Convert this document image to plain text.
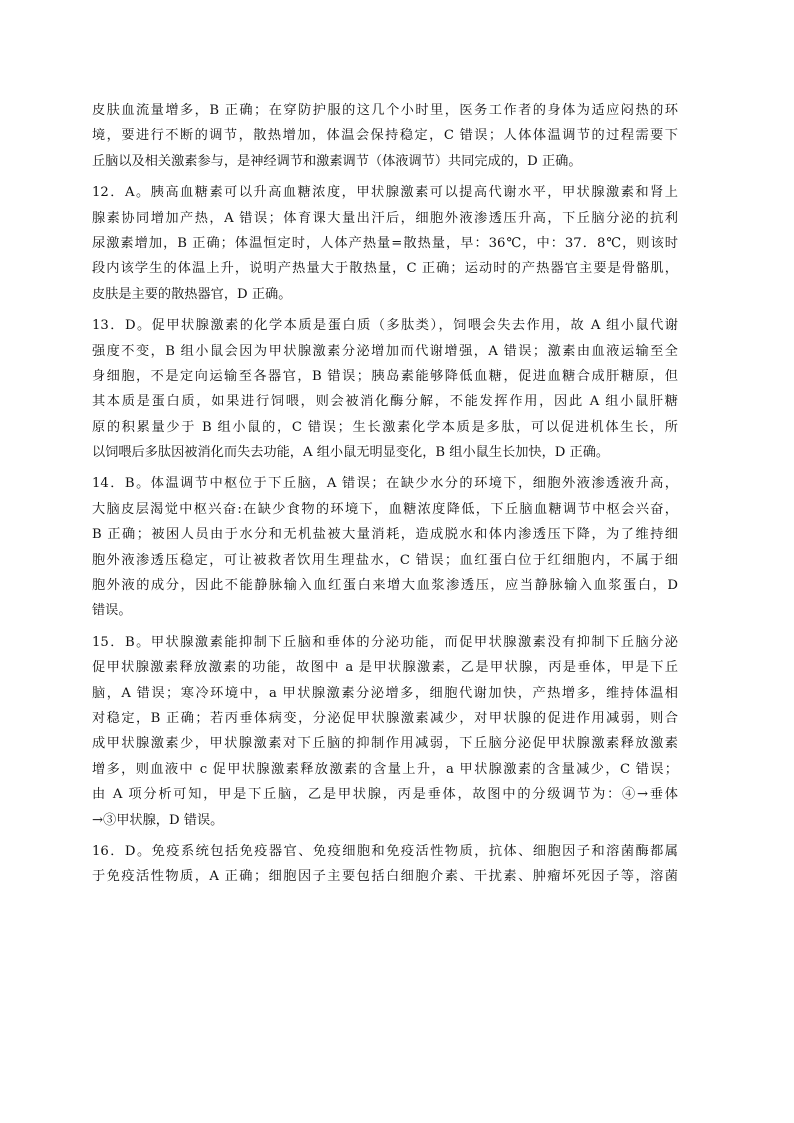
皮肤血流量增多，B 正确；在穿防护服的这几个小时里，医务工作者的身体为适应闷热的环
境，要进行不断的调节，散热增加，体温会保持稳定，C 错误；人体体温调节的过程需要下
丘脑以及相关激素参与，是神经调节和激素调节（体液调节）共同完成的，D 正确。

12．A。胰高血糖素可以升高血糖浓度，甲状腺激素可以提高代谢水平，甲状腺激素和肾上
腺素协同增加产热，A 错误；体育课大量出汗后，细胞外液渗透压升高，下丘脑分泌的抗利
尿激素增加，B 正确；体温恒定时，人体产热量=散热量，早：36℃，中：37．8℃，则该时
段内该学生的体温上升，说明产热量大于散热量，C 正确；运动时的产热器官主要是骨骼肌，
皮肤是主要的散热器官，D 正确。

13．D。促甲状腺激素的化学本质是蛋白质（多肽类），饲喂会失去作用，故 A 组小鼠代谢
强度不变，B 组小鼠会因为甲状腺激素分泌增加而代谢增强，A 错误；激素由血液运输至全
身细胞，不是定向运输至各器官，B 错误；胰岛素能够降低血糖，促进血糖合成肝糖原，但
其本质是蛋白质，如果进行饲喂，则会被消化酶分解，不能发挥作用，因此 A 组小鼠肝糖
原的积累量少于 B 组小鼠的，C 错误；生长激素化学本质是多肽，可以促进机体生长，所
以饲喂后多肽因被消化而失去功能，A 组小鼠无明显变化，B 组小鼠生长加快，D 正确。

14．B。体温调节中枢位于下丘脑，A 错误；在缺少水分的环境下，细胞外液渗透液升高，
大脑皮层渴觉中枢兴奋:在缺少食物的环境下，血糖浓度降低，下丘脑血糖调节中枢会兴奋，
B 正确；被困人员由于水分和无机盐被大量消耗，造成脱水和体内渗透压下降，为了维持细
胞外液渗透压稳定，可让被救者饮用生理盐水，C 错误；血红蛋白位于红细胞内，不属于细
胞外液的成分，因此不能静脉输入血红蛋白来增大血浆渗透压，应当静脉输入血浆蛋白，D
错误。

15．B。甲状腺激素能抑制下丘脑和垂体的分泌功能，而促甲状腺激素没有抑制下丘脑分泌
促甲状腺激素释放激素的功能，故图中 a 是甲状腺激素，乙是甲状腺，丙是垂体，甲是下丘
脑，A 错误；寒冷环境中，a 甲状腺激素分泌增多，细胞代谢加快，产热增多，维持体温相
对稳定，B 正确；若丙垂体病变，分泌促甲状腺激素减少，对甲状腺的促进作用减弱，则合
成甲状腺激素少，甲状腺激素对下丘脑的抑制作用减弱，下丘脑分泌促甲状腺激素释放激素
增多，则血液中 c 促甲状腺激素释放激素的含量上升，a 甲状腺激素的含量减少，C 错误；
由 A 项分析可知，甲是下丘脑，乙是甲状腺，丙是垂体，故图中的分级调节为：④→垂体
→③甲状腺，D 错误。

16．D。免疫系统包括免疫器官、免疫细胞和免疫活性物质，抗体、细胞因子和溶菌酶都属
于免疫活性物质，A 正确；细胞因子主要包括白细胞介素、干扰素、肿瘤坏死因子等，溶菌
